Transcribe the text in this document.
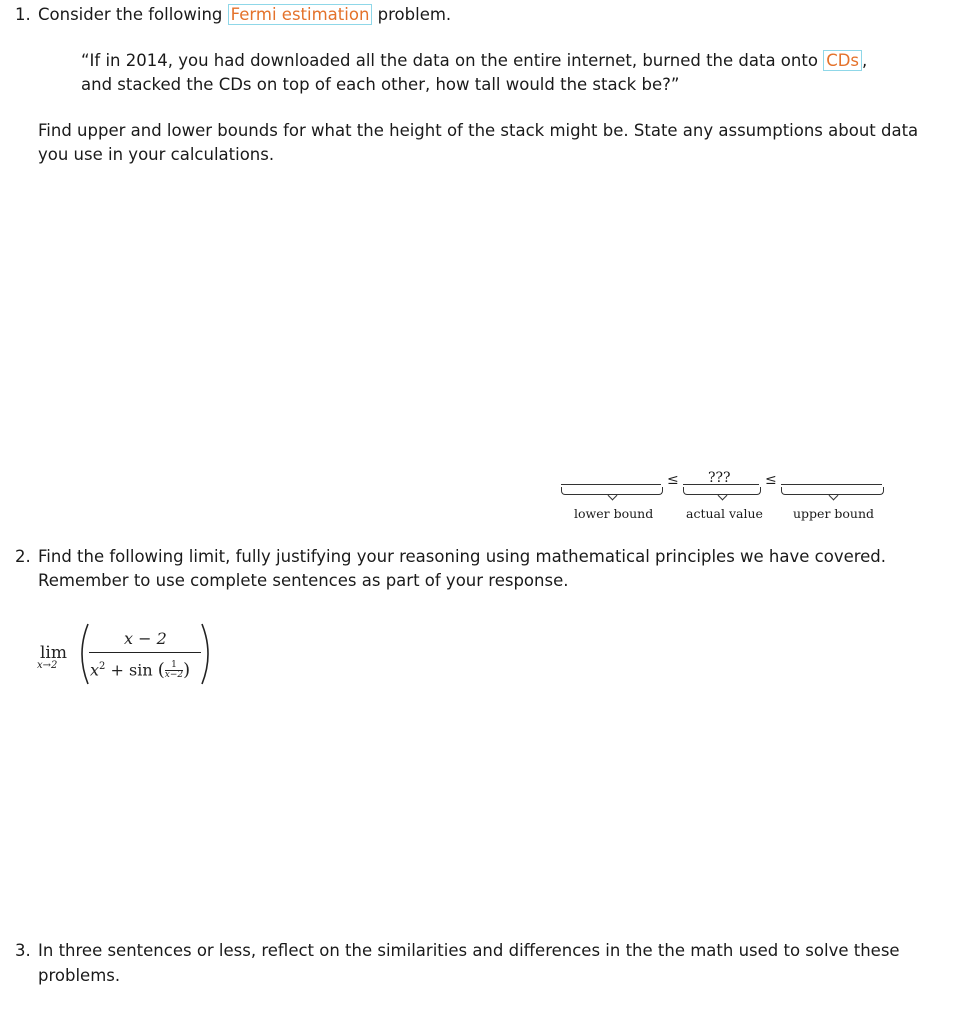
1. Consider the following Fermi estimation problem.
“If in 2014, you had downloaded all the data on the entire internet, burned the data onto CDs ,
and stacked the CDs on top of each other, how tall would the stack be?”
Find upper and lower bounds for what the height of the stack might be. State any assumptions about data
you use in your calculations.
lower bound
≤ ???
actual value
≤
upper bound
2. Find the following limit, fully justifying your reasoning using mathematical principles we have covered.
Remember to use complete sentences as part of your response.
lim
x→2
x − 2
$x^2 + \sin$ ( $\frac{1}{x-2}$ )
3. In three sentences or less, reflect on the similarities and differences in the the math used to solve these
problems.
